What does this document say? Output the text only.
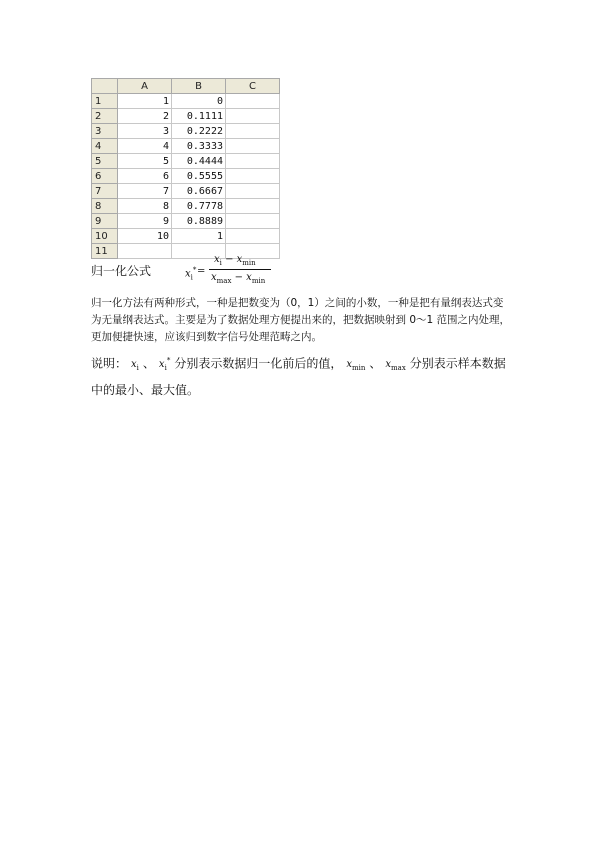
	A	B	C
1	1	0	
2	2	0.1111	
3	3	0.2222	
4	4	0.3333	
5	5	0.4444	
6	6	0.5555	
7	7	0.6667	
8	8	0.7778	
9	9	0.8889	
10	10	1	
11			
归一化公式	$x_i^*$ =
$x_i - x_{min}$
$x_{max} - x_{min}$
归一化方法有两种形式，一种是把数变为（0，1）之间的小数，一种是把有量纲表达式变为无量纲表达式。主要是为了数据处理方便提出来的，把数据映射到 0～1 范围之内处理，更加便捷快速，应该归到数字信号处理范畴之内。
说明： $x_i$ 、 $x_i^*$ 分别表示数据归一化前后的值， $x_{min}$ 、 $x_{max}$ 分别表示样本数据中的最小、最大值。
